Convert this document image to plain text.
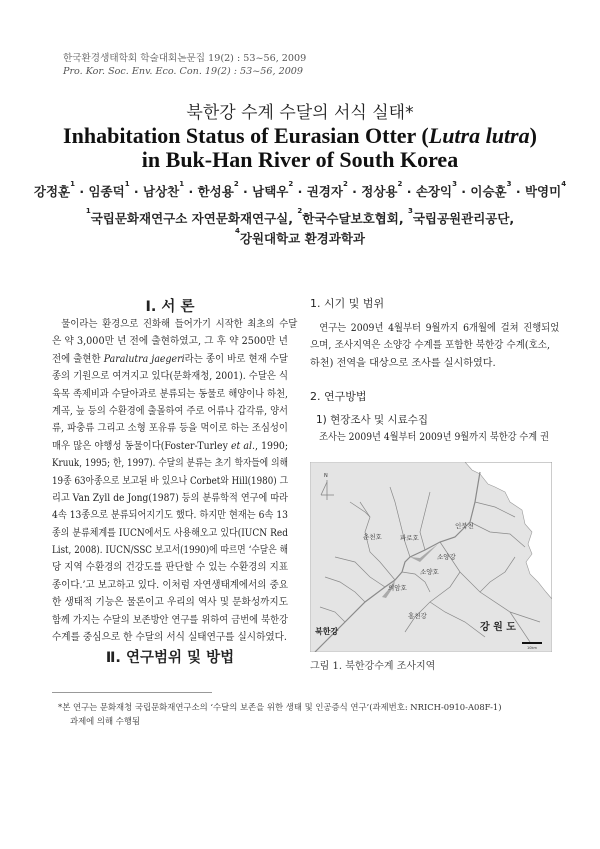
한국환경생태학회 학술대회논문집 19(2) : 53~56, 2009
Pro. Kor. Soc. Env. Eco. Con. 19(2) : 53~56, 2009
북한강 수계 수달의 서식 실태*
Inhabitation Status of Eurasian Otter (Lutra lutra)
in Buk-Han River of South Korea
강정훈$^1$ · 임종덕$^1$ · 남상찬$^1$ · 한성용$^2$ · 남택우$^2$ · 권경자$^2$ · 정상용$^2$ · 손장익$^3$ · 이승훈$^3$ · 박영미$^4$
$^1$국립문화재연구소 자연문화재연구실, $^2$한국수달보호협회, $^3$국립공원관리공단,
$^4$강원대학교 환경과학과
Ⅰ. 서 론
물이라는 환경으로 진화해 들어가기 시작한 최초의 수달
은 약 3,000만 년 전에 출현하였고, 그 후 약 2500만 년
전에 출현한 Paralutra jaegeri라는 종이 바로 현재 수달
종의 기원으로 여겨지고 있다(문화재청, 2001). 수달은 식
육목 족제비과 수달아과로 분류되는 동물로 해양이나 하천,
계곡, 늪 등의 수환경에 출몰하여 주로 어류나 갑각류, 양서
류, 파충류 그리고 소형 포유류 등을 먹이로 하는 조심성이
매우 많은 야행성 동물이다(Foster-Turley et al., 1990;
Kruuk, 1995; 한, 1997). 수달의 분류는 초기 학자들에 의해
19종 63아종으로 보고된 바 있으나 Corbet와 Hill(1980) 그
리고 Van Zyll de Jong(1987) 등의 분류학적 연구에 따라
4속 13종으로 분류되어지기도 했다. 하지만 현재는 6속 13
종의 분류체계를 IUCN에서도 사용해오고 있다(IUCN Red
List, 2008). IUCN/SSC 보고서(1990)에 따르면 ‘수달은 해
당 지역 수환경의 건강도를 판단할 수 있는 수환경의 지표
종이다.’고 보고하고 있다. 이처럼 자연생태계에서의 중요
한 생태적 기능은 물론이고 우리의 역사 및 문화성까지도
함께 가지는 수달의 보존방안 연구를 위하여 금번에 북한강
수계를 중심으로 한 수달의 서식 실태연구를 실시하였다.
Ⅱ. 연구범위 및 방법
1. 시기 및 범위
연구는 2009년 4월부터 9월까지 6개월에 걸쳐 진행되었
으며, 조사지역은 소양강 수계를 포함한 북한강 수계(호소,
하천) 전역을 대상으로 조사를 실시하였다.
2. 연구방법
1) 현장조사 및 시료수집
조사는 2009년 4월부터 2009년 9월까지 북한강 수계 권
N
인북천
춘천호	파로호
소양강
소양호
의암호
홍천강
강 원 도
북한강
10km
그림 1. 북한강수계 조사지역
*본 연구는 문화재청 국립문화재연구소의 ‘수달의 보존을 위한 생태 및 인공증식 연구’(과제번호: NRICH-0910-A08F-1)
과제에 의해 수행됨
